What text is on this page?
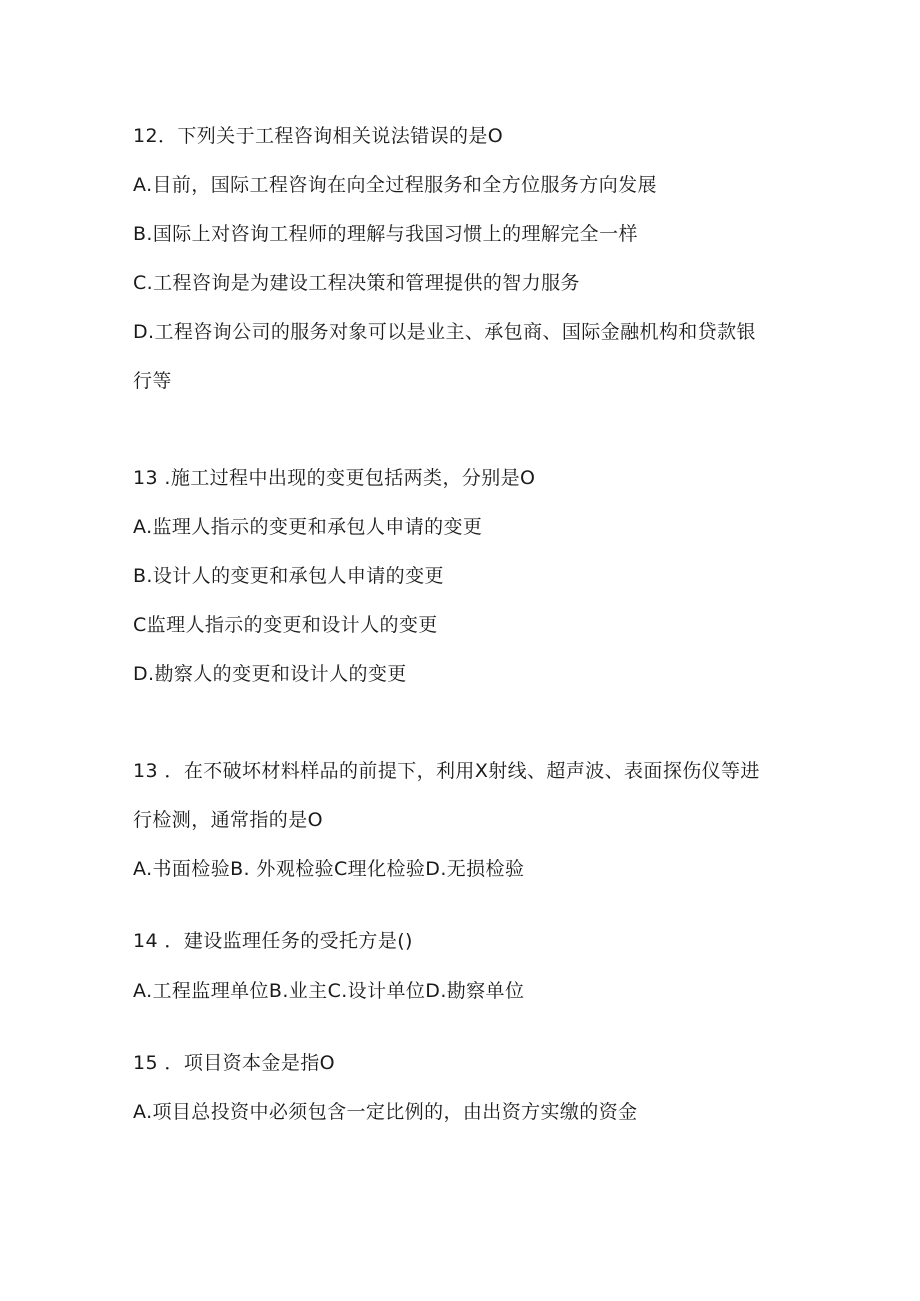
12．下列关于工程咨询相关说法错误的是O

A.目前，国际工程咨询在向全过程服务和全方位服务方向发展

B.国际上对咨询工程师的理解与我国习惯上的理解完全一样

C.工程咨询是为建设工程决策和管理提供的智力服务

D.工程咨询公司的服务对象可以是业主、承包商、国际金融机构和贷款银

行等

13 .施工过程中出现的变更包括两类，分别是O

A.监理人指示的变更和承包人申请的变更

B.设计人的变更和承包人申请的变更

C监理人指示的变更和设计人的变更

D.勘察人的变更和设计人的变更

13 ．在不破坏材料样品的前提下，利用X射线、超声波、表面探伤仪等进

行检测，通常指的是O

A.书面检验B. 外观检验C理化检验D.无损检验

14 ．建设监理任务的受托方是()

A.工程监理单位B.业主C.设计单位D.勘察单位

15 ．项目资本金是指O

A.项目总投资中必须包含一定比例的，由出资方实缴的资金
